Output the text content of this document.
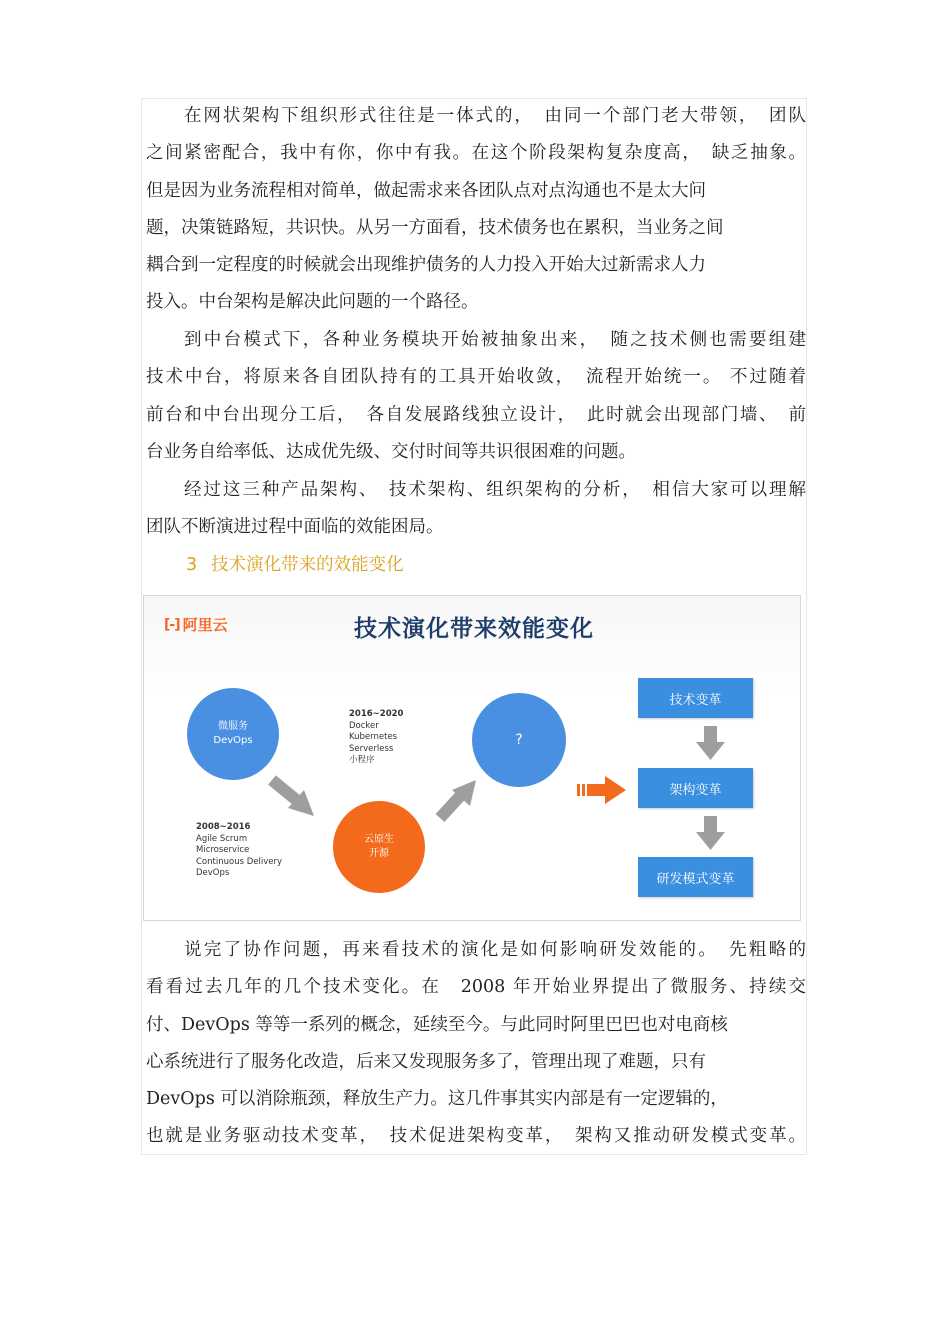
在网状架构下组织形式往往是一体式的，　由同一个部门老大带领，　团队
之间紧密配合，我中有你，你中有我。在这个阶段架构复杂度高，　缺乏抽象。
但是因为业务流程相对简单，做起需求来各团队点对点沟通也不是太大问
题，决策链路短，共识快。从另一方面看，技术债务也在累积，当业务之间
耦合到一定程度的时候就会出现维护债务的人力投入开始大过新需求人力
投入。中台架构是解决此问题的一个路径。
到中台模式下，各种业务模块开始被抽象出来，　随之技术侧也需要组建
技术中台，将原来各自团队持有的工具开始收敛，　流程开始统一。 不过随着
前台和中台出现分工后，　各自发展路线独立设计，　此时就会出现部门墙、　前
台业务自给率低、达成优先级、交付时间等共识很困难的问题。
经过这三种产品架构、　技术架构、组织架构的分析，　相信大家可以理解
团队不断演进过程中面临的效能困局。
3 技术演化带来的效能变化
[-] 阿里云	技术演化带来效能变化
微服务
DevOps
云原生
开源
?
2016~2020
Docker
Kubernetes
Serverless
小程序
2008~2016
Agile Scrum
Microservice
Continuous Delivery
DevOps
技术变革
架构变革
研发模式变革
说完了协作问题，再来看技术的演化是如何影响研发效能的。　先粗略的
看看过去几年的几个技术变化。在　2008 年开始业界提出了微服务、持续交
付、DevOps 等等一系列的概念，延续至今。与此同时阿里巴巴也对电商核
心系统进行了服务化改造，后来又发现服务多了，管理出现了难题，只有
DevOps 可以消除瓶颈，释放生产力。这几件事其实内部是有一定逻辑的，
也就是业务驱动技术变革，　技术促进架构变革，　架构又推动研发模式变革。
